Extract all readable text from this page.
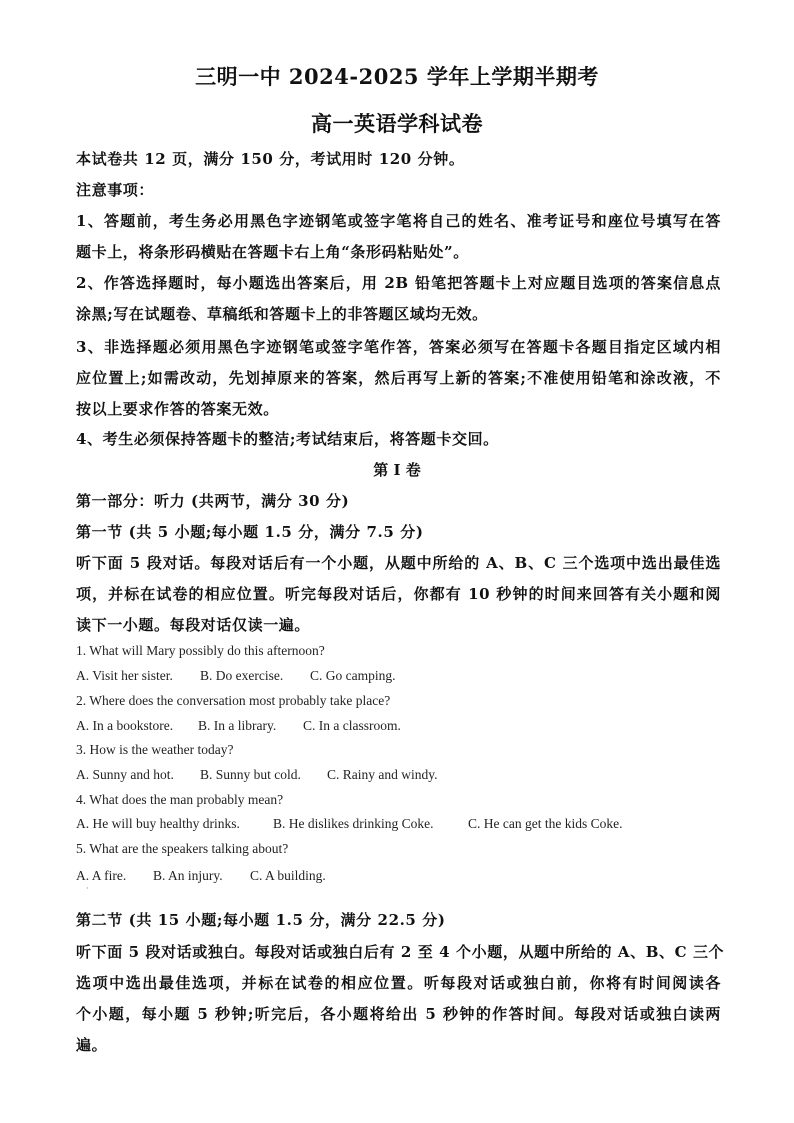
三明一中 2024-2025 学年上学期半期考
高一英语学科试卷
本试卷共 12 页，满分 150 分，考试用时 120 分钟。
注意事项：
1、答题前，考生务必用黑色字迹钢笔或签字笔将自己的姓名、准考证号和座位号填写在答
题卡上，将条形码横贴在答题卡右上角“条形码粘贴处”。
2、作答选择题时，每小题选出答案后，用 2B 铅笔把答题卡上对应题目选项的答案信息点
涂黑;写在试题卷、草稿纸和答题卡上的非答题区域均无效。
3、非选择题必须用黑色字迹钢笔或签字笔作答，答案必须写在答题卡各题目指定区域内相
应位置上;如需改动，先划掉原来的答案，然后再写上新的答案;不准使用铅笔和涂改液，不
按以上要求作答的答案无效。
4、考生必须保持答题卡的整洁;考试结束后，将答题卡交回。
第 I 卷
第一部分：听力 (共两节，满分 30 分)
第一节 (共 5 小题;每小题 1.5 分，满分 7.5 分)
听下面 5 段对话。每段对话后有一个小题，从题中所给的 A、B、C 三个选项中选出最佳选
项，并标在试卷的相应位置。听完每段对话后，你都有 10 秒钟的时间来回答有关小题和阅
读下一小题。每段对话仅读一遍。
1. What will Mary possibly do this afternoon?
A. Visit her sister. B. Do exercise. C. Go camping.
2. Where does the conversation most probably take place?
A. In a bookstore. B. In a library. C. In a classroom.
3. How is the weather today?
A. Sunny and hot. B. Sunny but cold. C. Rainy and windy.
4. What does the man probably mean?
A. He will buy healthy drinks. B. He dislikes drinking Coke.	C. He can get the kids Coke.
5. What are the speakers talking about?
A. A fire. B. An injury. C. A building.
·
第二节 (共 15 小题;每小题 1.5 分，满分 22.5 分)
听下面 5 段对话或独白。每段对话或独白后有 2 至 4 个小题，从题中所给的 A、B、C 三个
选项中选出最佳选项，并标在试卷的相应位置。听每段对话或独白前，你将有时间阅读各
个小题，每小题 5 秒钟;听完后，各小题将给出 5 秒钟的作答时间。每段对话或独白读两
遍。
